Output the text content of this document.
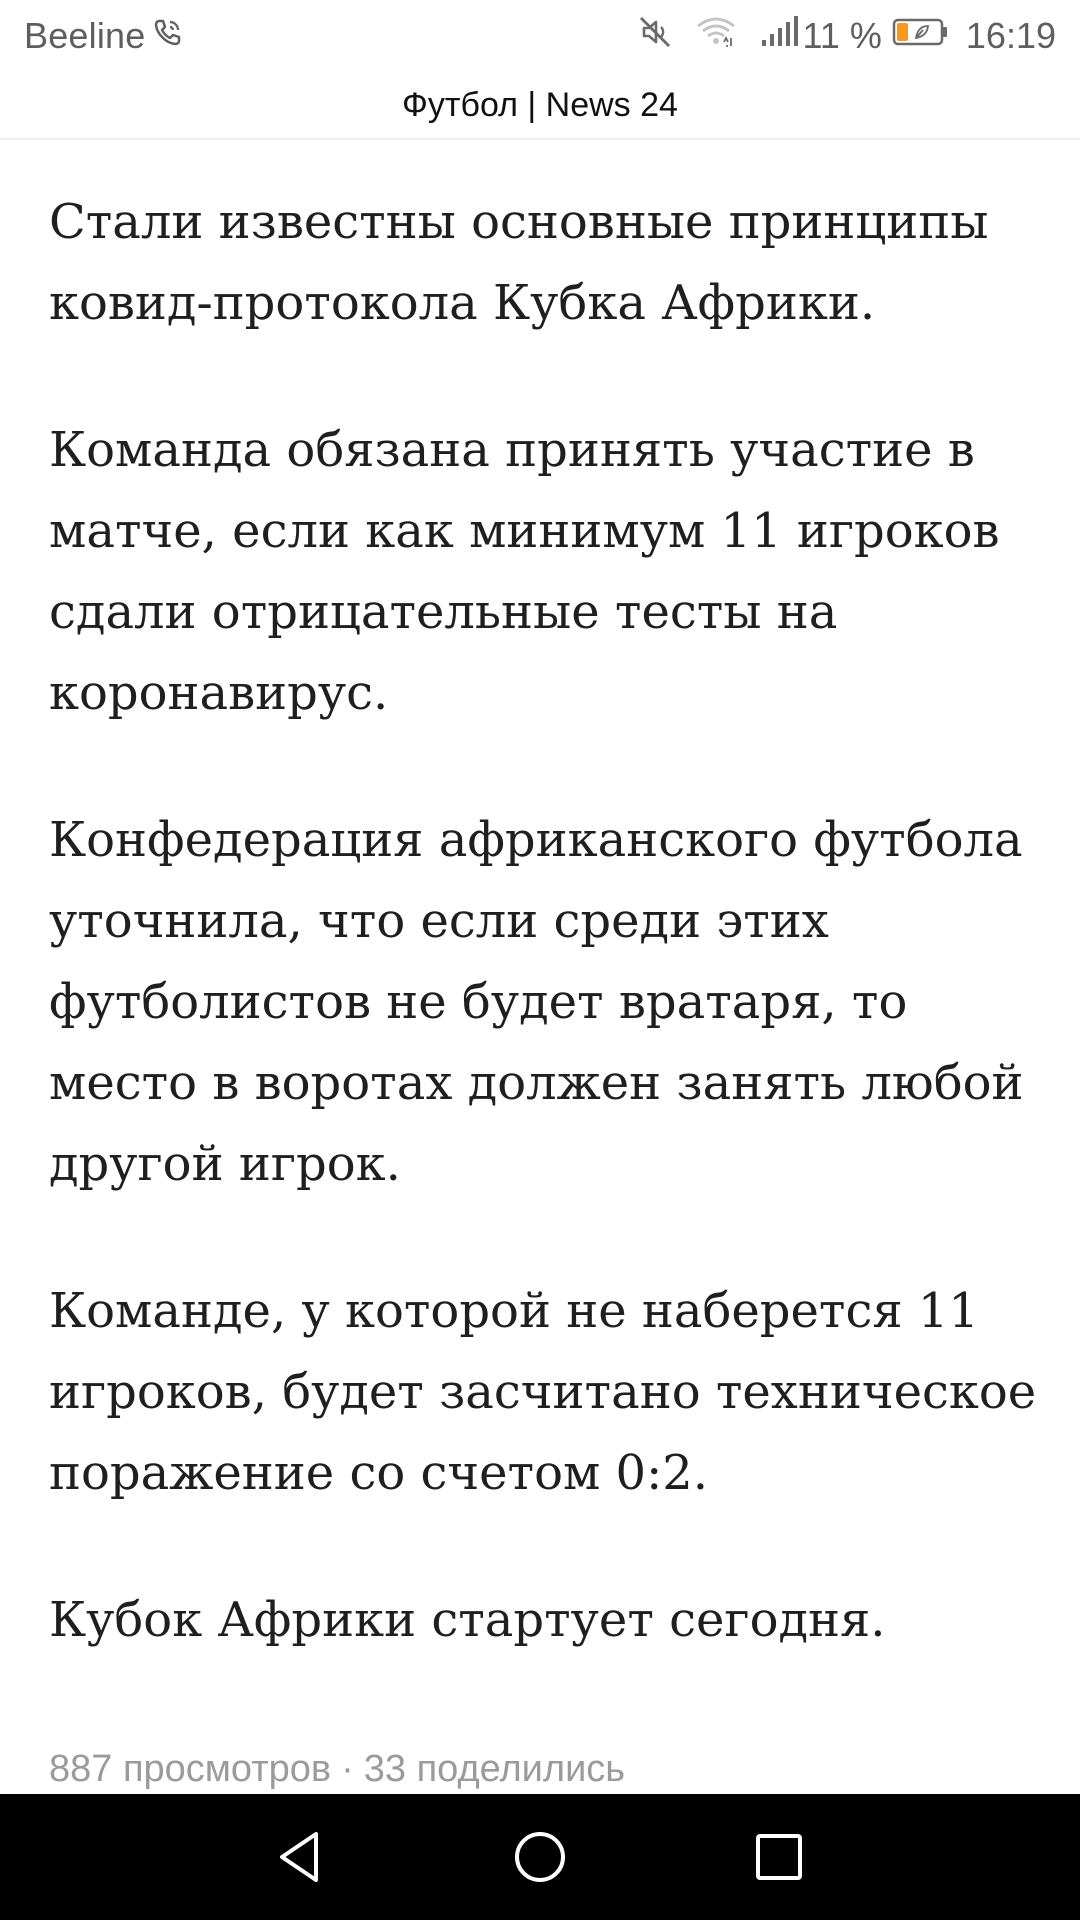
Beeline	11 % 16:19
Футбол | News 24

Стали известны основные принципы ковид-протокола Кубка Африки.

Команда обязана принять участие в матче, если как минимум 11 игроков сдали отрицательные тесты на коронавирус.

Конфедерация африканского футбола уточнила, что если среди этих футболистов не будет вратаря, то место в воротах должен занять любой другой игрок.

Команде, у которой не наберется 11 игроков, будет засчитано техническое поражение со счетом 0:2.

Кубок Африки стартует сегодня.

887 просмотров · 33 поделились
